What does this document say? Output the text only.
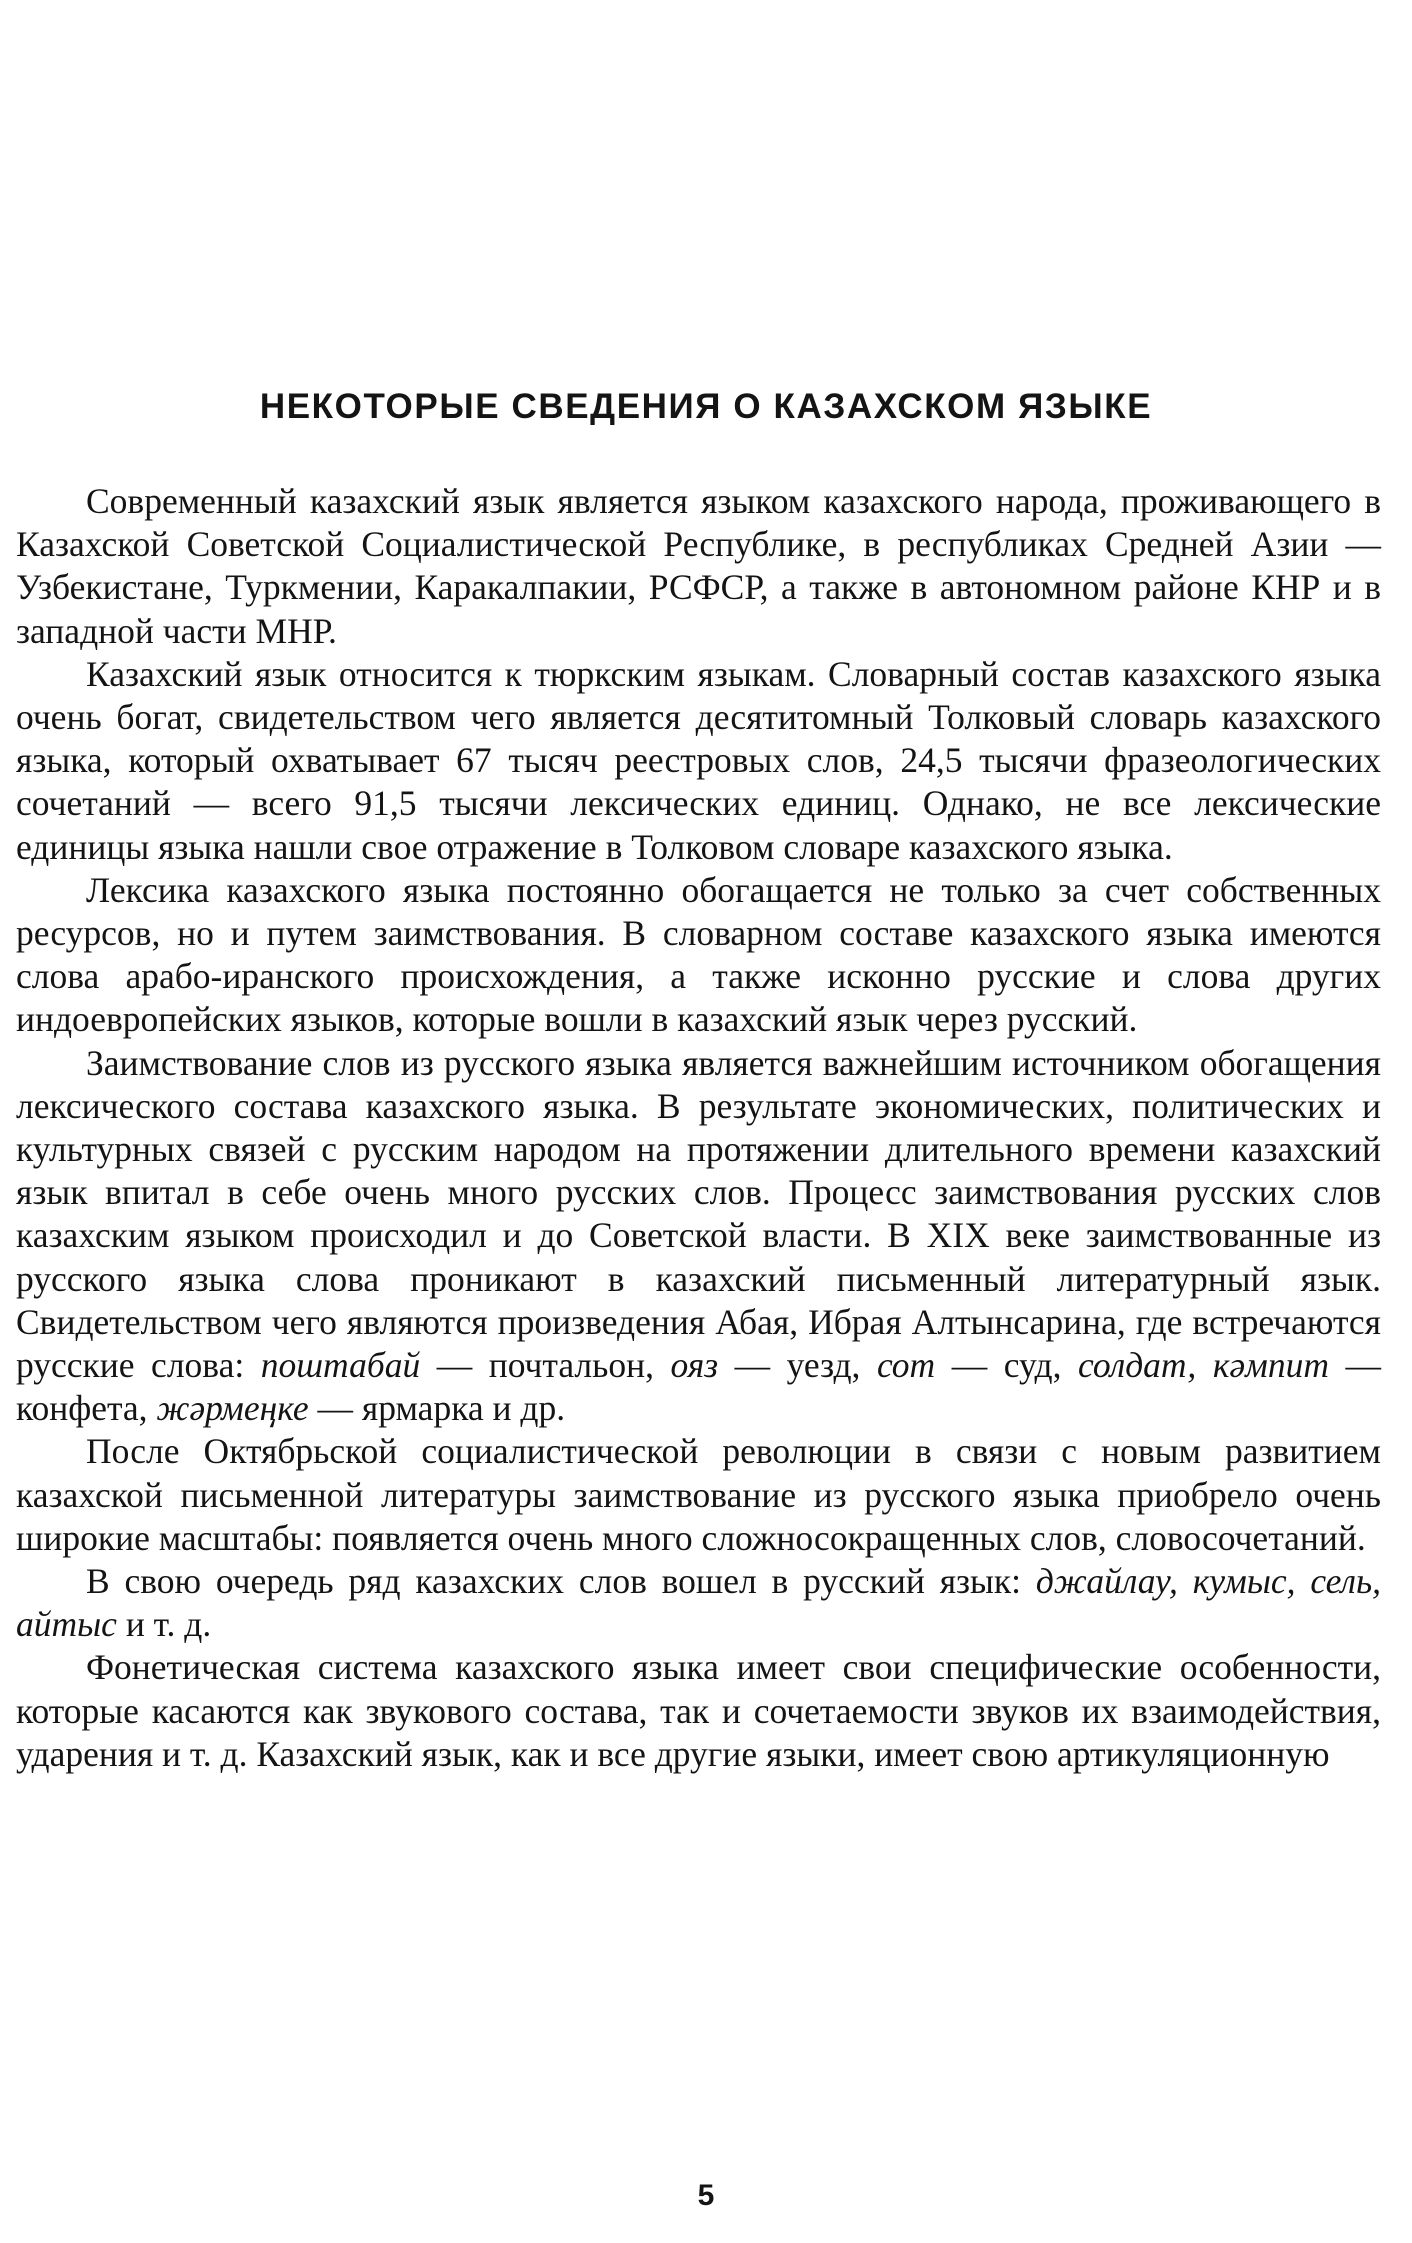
НЕКОТОРЫЕ СВЕДЕНИЯ О КАЗАХСКОМ ЯЗЫКЕ

Современный казахский язык является языком казахского народа, проживающего в Казахской Советской Социалистической Республике, в республиках Средней Азии — Узбекистане, Туркмении, Каракалпакии, РСФСР, а также в автономном районе КНР и в западной части МНР.

Казахский язык относится к тюркским языкам. Словарный состав казахского языка очень богат, свидетельством чего является десятитомный Толковый словарь казахского языка, который охватывает 67 тысяч реестровых слов, 24,5 тысячи фразеологических сочетаний — всего 91,5 тысячи лексических единиц. Однако, не все лексические единицы языка нашли свое отражение в Толковом словаре казахского языка.

Лексика казахского языка постоянно обогащается не только за счет собственных ресурсов, но и путем заимствования. В словарном составе казахского языка имеются слова арабо-иранского происхождения, а также исконно русские и слова других индоевропейских языков, которые вошли в казахский язык через русский.

Заимствование слов из русского языка является важнейшим источником обогащения лексического состава казахского языка. В результате экономических, политических и культурных связей с русским народом на протяжении длительного времени казахский язык впитал в себе очень много русских слов. Процесс заимствования русских слов казахским языком происходил и до Советской власти. В XIX веке заимствованные из русского языка слова проникают в казахский письменный литературный язык. Свидетельством чего являются произведения Абая, Ибрая Алтынсарина, где встречаются русские слова: поштабай — почтальон, ояз — уезд, сот — суд, солдат, кәмпит — конфета, жәрмеңке — ярмарка и др.

После Октябрьской социалистической революции в связи с новым развитием казахской письменной литературы заимствование из русского языка приобрело очень широкие масштабы: появляется очень много сложносокращенных слов, словосочетаний.

В свою очередь ряд казахских слов вошел в русский язык: джайлау, кумыс, сель, айтыс и т. д.

Фонетическая система казахского языка имеет свои специфические особенности, которые касаются как звукового состава, так и сочетаемости звуков их взаимодействия, ударения и т. д. Казахский язык, как и все другие языки, имеет свою артикуляционную

5
